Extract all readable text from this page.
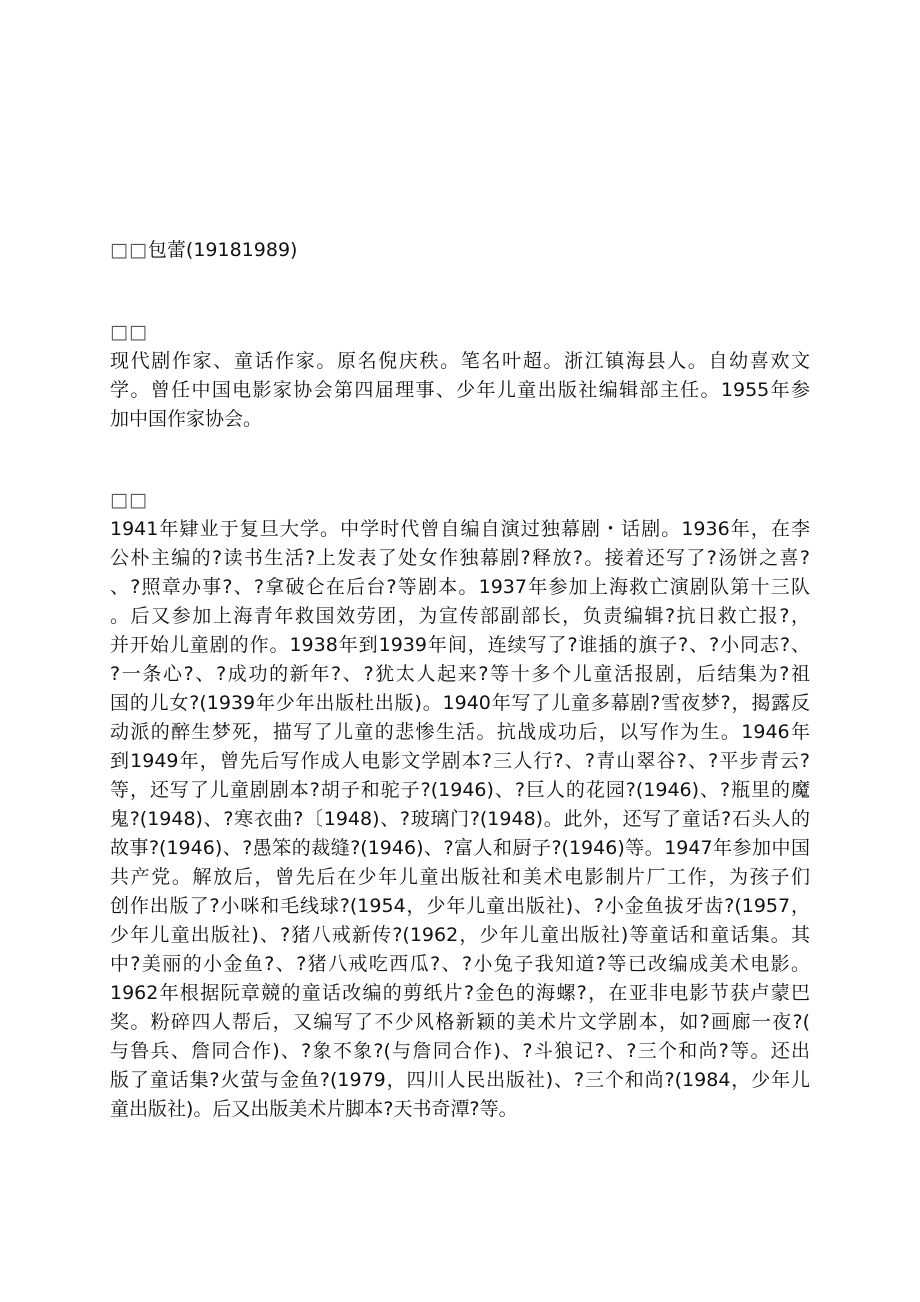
□□包蕾(19181989)
□□
现代剧作家、童话作家。原名倪庆秩。笔名叶超。浙江镇海县人。自幼喜欢文
学。曾任中国电影家协会第四届理事、少年儿童出版社编辑部主任。1955年参
加中国作家协会。
□□
1941年肄业于复旦大学。中学时代曾自编自演过独幕剧・话剧。1936年，在李
公朴主编的?读书生活?上发表了处女作独幕剧?释放?。接着还写了?汤饼之喜?
、?照章办事?、?拿破仑在后台?等剧本。1937年参加上海救亡演剧队第十三队
。后又参加上海青年救国效劳团，为宣传部副部长，负责编辑?抗日救亡报?，
并开始儿童剧的作。1938年到1939年间，连续写了?谁插的旗子?、?小同志?、
?一条心?、?成功的新年?、?犹太人起来?等十多个儿童活报剧，后结集为?祖
国的儿女?(1939年少年出版杜出版)。1940年写了儿童多幕剧?雪夜梦?，揭露反
动派的醉生梦死，描写了儿童的悲惨生活。抗战成功后，以写作为生。1946年
到1949年，曾先后写作成人电影文学剧本?三人行?、?青山翠谷?、?平步青云?
等，还写了儿童剧剧本?胡子和驼子?(1946)、?巨人的花园?(1946)、?瓶里的魔
鬼?(1948)、?寒衣曲?〔1948)、?玻璃门?(1948)。此外，还写了童话?石头人的
故事?(1946)、?愚笨的裁缝?(1946)、?富人和厨子?(1946)等。1947年参加中国
共产党。解放后，曾先后在少年儿童出版社和美术电影制片厂工作，为孩子们
创作出版了?小咪和毛线球?(1954，少年儿童出版社)、?小金鱼拔牙齿?(1957，
少年儿童出版社)、?猪八戒新传?(1962，少年儿童出版社)等童话和童话集。其
中?美丽的小金鱼?、?猪八戒吃西瓜?、?小兔子我知道?等已改编成美术电影。
1962年根据阮章競的童话改编的剪纸片?金色的海螺?，在亚非电影节获卢蒙巴
奖。粉碎四人帮后，又编写了不少风格新颖的美术片文学剧本，如?画廊一夜?(
与鲁兵、詹同合作)、?象不象?(与詹同合作)、?斗狼记?、?三个和尚?等。还出
版了童话集?火萤与金鱼?(1979，四川人民出版社)、?三个和尚?(1984，少年儿
童出版社)。后又出版美术片脚本?天书奇潭?等。
